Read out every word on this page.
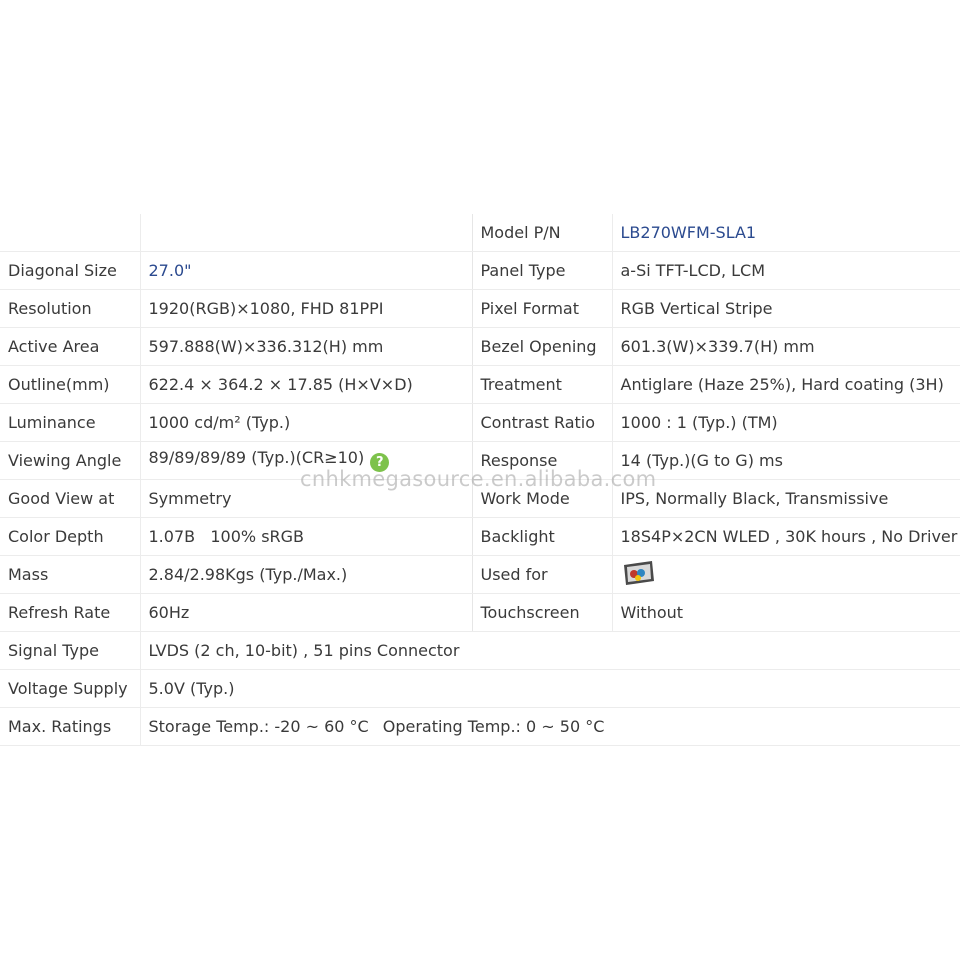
		Model P/N	LB270WFM-SLA1
Diagonal Size	27.0"	Panel Type	a-Si TFT-LCD, LCM
Resolution	1920(RGB)×1080, FHD 81PPI	Pixel Format	RGB Vertical Stripe
Active Area	597.888(W)×336.312(H) mm	Bezel Opening	601.3(W)×339.7(H) mm
Outline(mm)	622.4 × 364.2 × 17.85 (H×V×D)	Treatment	Antiglare (Haze 25%), Hard coating (3H)
Luminance	1000 cd/m² (Typ.)	Contrast Ratio	1000 : 1 (Typ.) (TM)
Viewing Angle	89/89/89/89 (Typ.)(CR≥10) ?	Response	14 (Typ.)(G to G) ms
Good View at	Symmetry	Work Mode	IPS, Normally Black, Transmissive
Color Depth	1.07B   100% sRGB	Backlight	18S4P×2CN WLED , 30K hours , No Driver
Mass	2.84/2.98Kgs (Typ./Max.)	Used for	
Refresh Rate	60Hz	Touchscreen	Without
Signal Type	LVDS (2 ch, 10-bit) , 51 pins Connector		
Voltage Supply	5.0V (Typ.)		
Max. Ratings	Storage Temp.: -20 ~ 60 °C Operating Temp.: 0 ~ 50 °C		
cnhkmegasource.en.alibaba.com
